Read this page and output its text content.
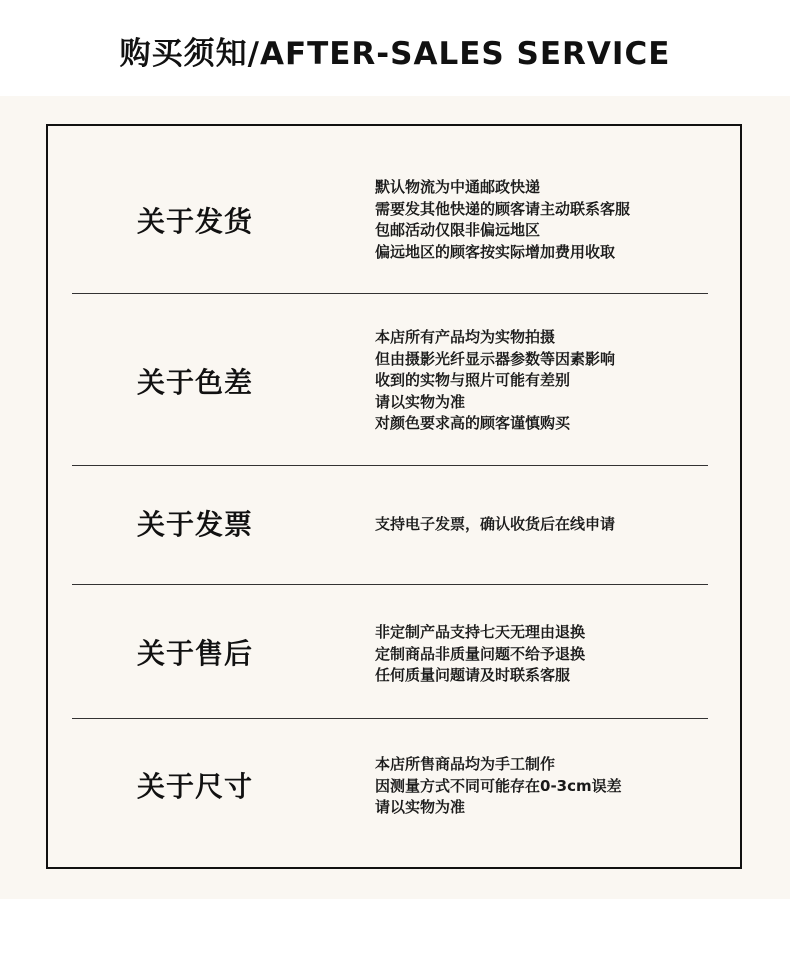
购买须知/AFTER-SALES SERVICE
关于发货
默认物流为中通邮政快递
需要发其他快递的顾客请主动联系客服
包邮活动仅限非偏远地区
偏远地区的顾客按实际增加费用收取
关于色差
本店所有产品均为实物拍摄
但由摄影光纤显示器参数等因素影响
收到的实物与照片可能有差别
请以实物为准
对颜色要求高的顾客谨慎购买
关于发票	支持电子发票，确认收货后在线申请
关于售后
非定制产品支持七天无理由退换
定制商品非质量问题不给予退换
任何质量问题请及时联系客服
关于尺寸
本店所售商品均为手工制作
因测量方式不同可能存在0-3cm误差
请以实物为准
